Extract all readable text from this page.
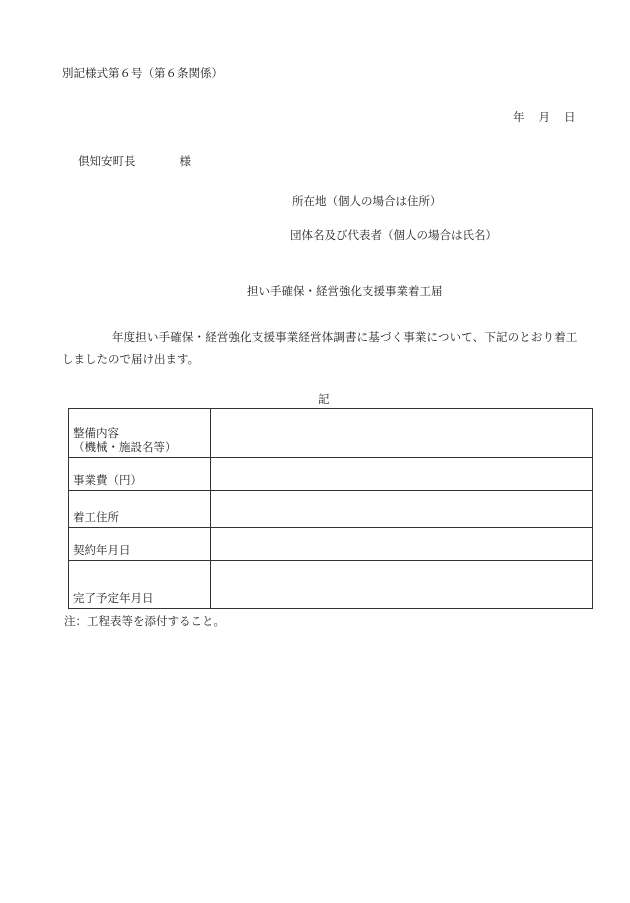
別記様式第６号（第６条関係）
年 月 日
倶知安町長	様
所在地（個人の場合は住所）
団体名及び代表者（個人の場合は氏名）
担い手確保・経営強化支援事業着工届
年度担い手確保・経営強化支援事業経営体調書に基づく事業について、下記のとおり着工
しましたので届け出ます。
記
整備内容
（機械・施設名等）	

事業費（円）	
着工住所	
契約年月日	
完了予定年月日	
注：工程表等を添付すること。
